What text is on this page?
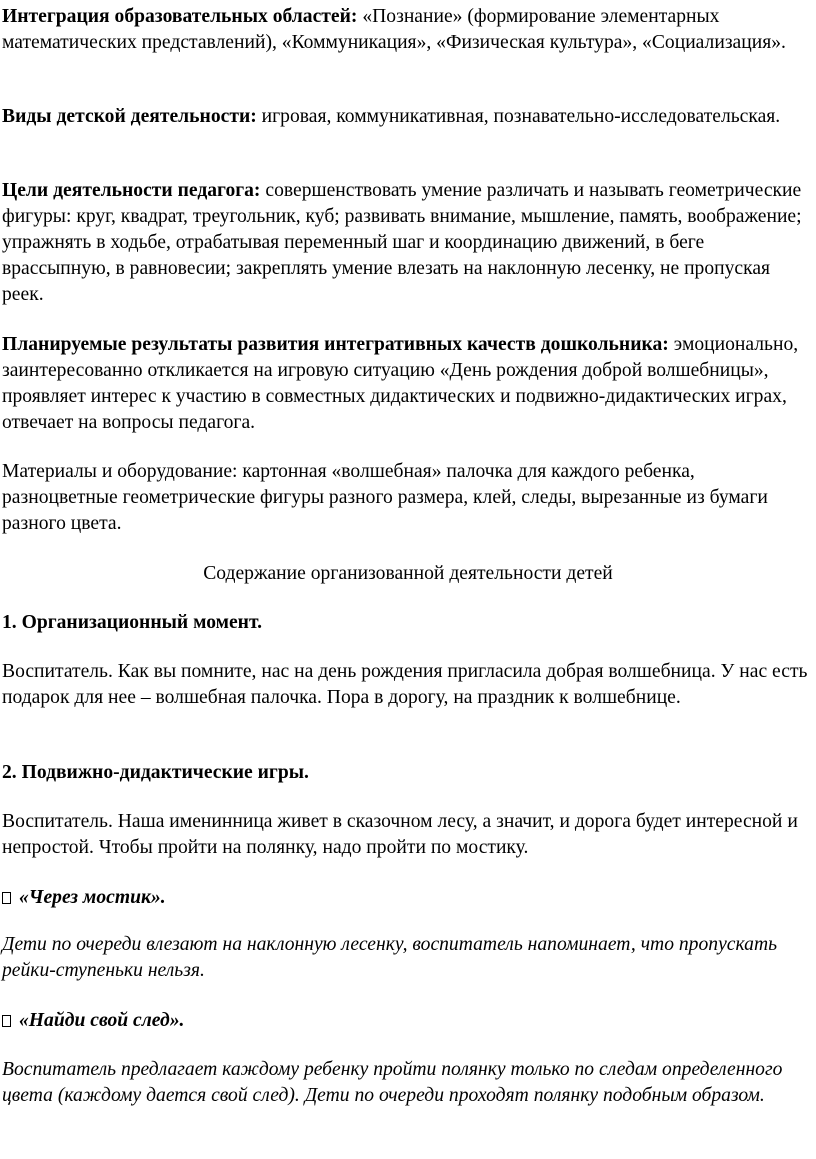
Интеграция образовательных областей: «Познание» (формирование элементарных математических представлений), «Коммуникация», «Физическая культура», «Социализация».

Виды детской деятельности: игровая, коммуникативная, познавательно-исследовательская.

Цели деятельности педагога: совершенствовать умение различать и называть геометрические фигуры: круг, квадрат, треугольник, куб; развивать внимание, мышление, память, воображение; упражнять в ходьбе, отрабатывая переменный шаг и координацию движений, в беге врассыпную, в равновесии; закреплять умение влезать на наклонную лесенку, не пропуская реек.

Планируемые результаты развития интегративных качеств дошкольника: эмоционально, заинтересованно откликается на игровую ситуацию «День рождения доброй волшебницы», проявляет интерес к участию в совместных дидактических и подвижно-дидактических играх, отвечает на вопросы педагога.

Материалы и оборудование: картонная «волшебная» палочка для каждого ребенка, разноцветные геометрические фигуры разного размера, клей, следы, вырезанные из бумаги разного цвета.

Содержание организованной деятельности детей

1. Организационный момент.

Воспитатель. Как вы помните, нас на день рождения пригласила добрая волшебница. У нас есть подарок для нее – волшебная палочка. Пора в дорогу, на праздник к волшебнице.

2. Подвижно-дидактические игры.

Воспитатель. Наша именинница живет в сказочном лесу, а значит, и дорога будет интересной и непростой. Чтобы пройти на полянку, надо пройти по мостику.

«Через мостик».

Дети по очереди влезают на наклонную лесенку, воспитатель напоминает, что пропускать рейки-ступеньки нельзя.

«Найди свой след».

Воспитатель предлагает каждому ребенку пройти полянку только по следам определенного цвета (каждому дается свой след). Дети по очереди проходят полянку подобным образом.
